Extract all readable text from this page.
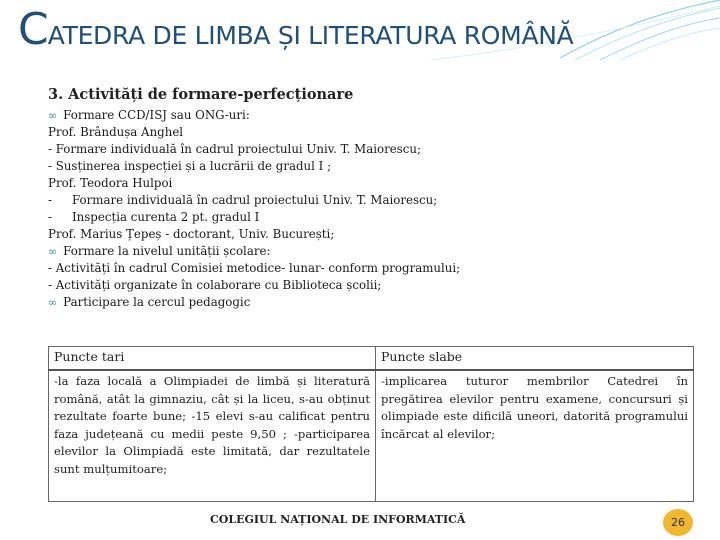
CATEDRA DE LIMBA ȘI LITERATURA ROMÂNĂ
3. Activități de formare-perfecționare
∞ Formare CCD/ISJ sau ONG-uri:
Prof. Brândușa Anghel
- Formare individuală în cadrul proiectului Univ. T. Maiorescu;
- Susținerea inspecției și a lucrării de gradul I ;
Prof. Teodora Hulpoi
- Formare individuală în cadrul proiectului Univ. T. Maiorescu;
- Inspecția curenta 2 pt. gradul I
Prof. Marius Țepeș - doctorant, Univ. București;
∞ Formare la nivelul unității școlare:
- Activități în cadrul Comisiei metodice- lunar- conform programului;
- Activități organizate în colaborare cu Biblioteca școlii;
∞ Participare la cercul pedagogic
Puncte tari	Puncte slabe
-la faza locală a Olimpiadei de limbă și literatură română, atât la gimnaziu, cât și la liceu, s-au obținut rezultate foarte bune; -15 elevi s-au calificat pentru faza județeană cu medii peste 9,50 ; -participarea elevilor la Olimpiadă este limitată, dar rezultatele sunt mulțumitoare;	-implicarea tuturor membrilor Catedrei în pregătirea elevilor pentru examene, concursuri și olimpiade este dificilă uneori, datorită programului încărcat al elevilor;
COLEGIUL NAȚIONAL DE INFORMATICĂ	26
